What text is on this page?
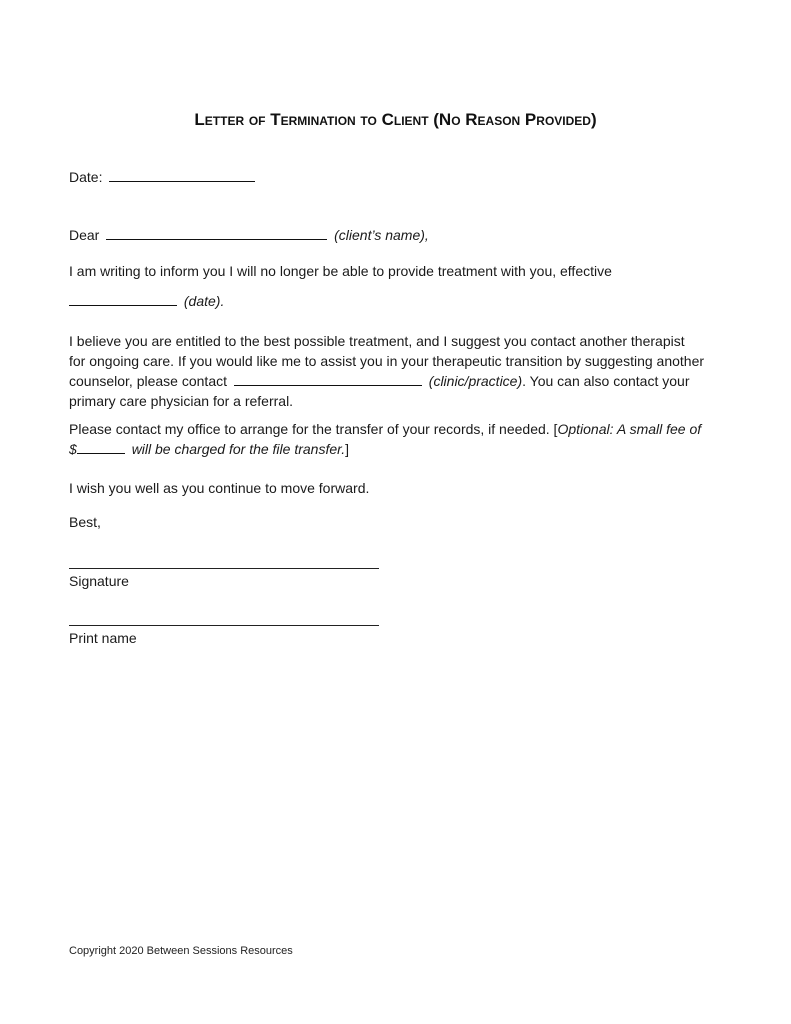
Letter of Termination to Client (No Reason Provided)
Date:
Dear	(client’s name),
I am writing to inform you I will no longer be able to provide treatment with you, effective
(date).
I believe you are entitled to the best possible treatment, and I suggest you contact another therapist
for ongoing care. If you would like me to assist you in your therapeutic transition by suggesting another
counselor, please contact	(clinic/practice). You can also contact your
primary care physician for a referral.
Please contact my office to arrange for the transfer of your records, if needed. [Optional: A small fee of
$	will be charged for the file transfer.]
I wish you well as you continue to move forward.
Best,
Signature
Print name
Copyright 2020 Between Sessions Resources
